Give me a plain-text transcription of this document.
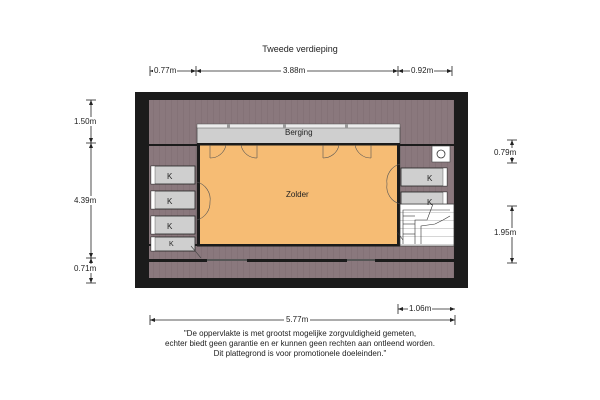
Tweede verdieping
0.77m	3.88m	0.92m
1.50m
4.39m
0.71m
0.79m
1.95m
5.77m
1.06m
Berging
Zolder
K
K
K
K
K
K
"De oppervlakte is met grootst mogelijke zorgvuldigheid gemeten,
echter biedt geen garantie en er kunnen geen rechten aan ontleend worden.
Dit plattegrond is voor promotionele doeleinden."
